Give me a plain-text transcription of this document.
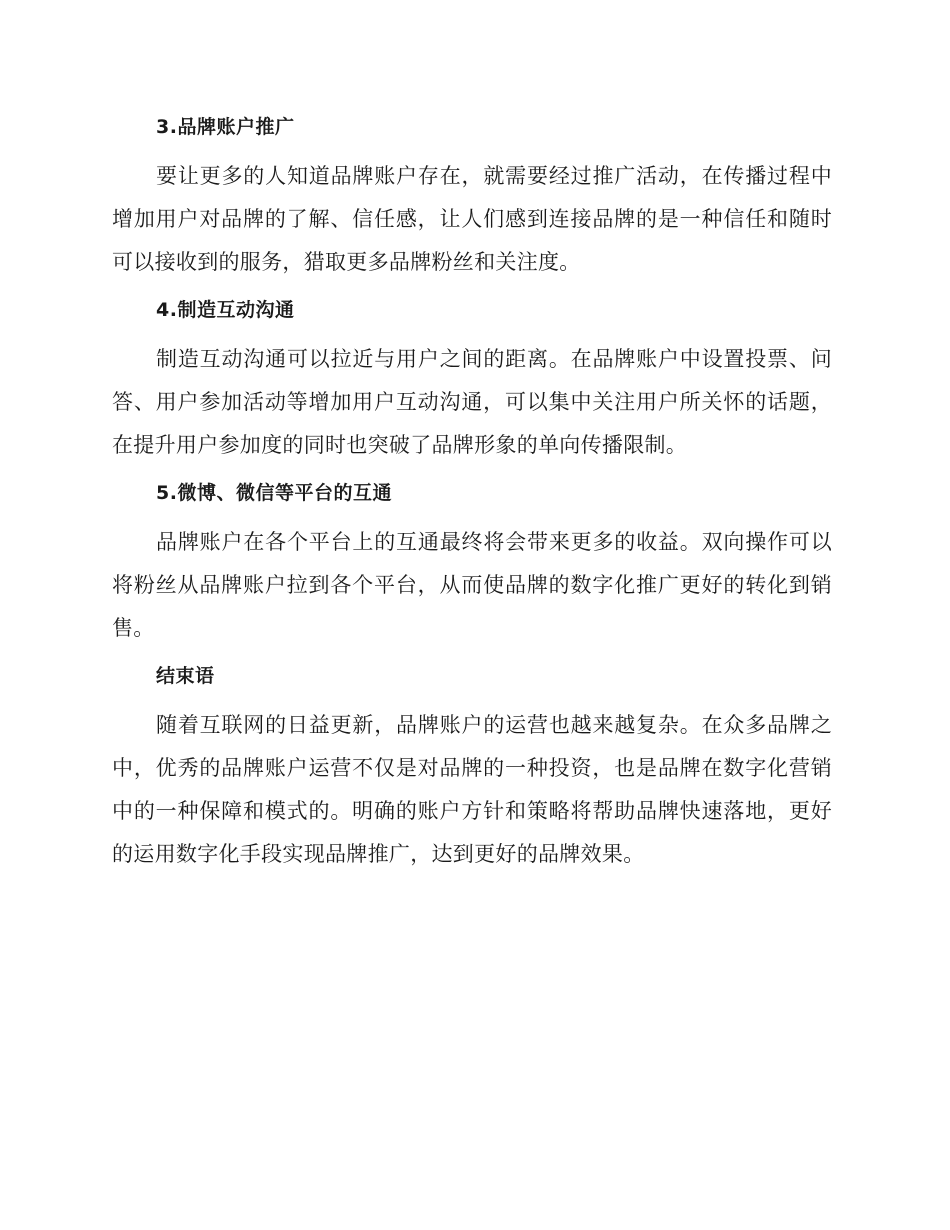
3.品牌账户推广

要让更多的人知道品牌账户存在，就需要经过推广活动，在传播过程中增加用户对品牌的了解、信任感，让人们感到连接品牌的是一种信任和随时可以接收到的服务，猎取更多品牌粉丝和关注度。

4.制造互动沟通

制造互动沟通可以拉近与用户之间的距离。在品牌账户中设置投票、问答、用户参加活动等增加用户互动沟通，可以集中关注用户所关怀的话题，在提升用户参加度的同时也突破了品牌形象的单向传播限制。

5.微博、微信等平台的互通

品牌账户在各个平台上的互通最终将会带来更多的收益。双向操作可以将粉丝从品牌账户拉到各个平台，从而使品牌的数字化推广更好的转化到销售。

结束语

随着互联网的日益更新，品牌账户的运营也越来越复杂。在众多品牌之中，优秀的品牌账户运营不仅是对品牌的一种投资，也是品牌在数字化营销中的一种保障和模式的。明确的账户方针和策略将帮助品牌快速落地，更好的运用数字化手段实现品牌推广，达到更好的品牌效果。
